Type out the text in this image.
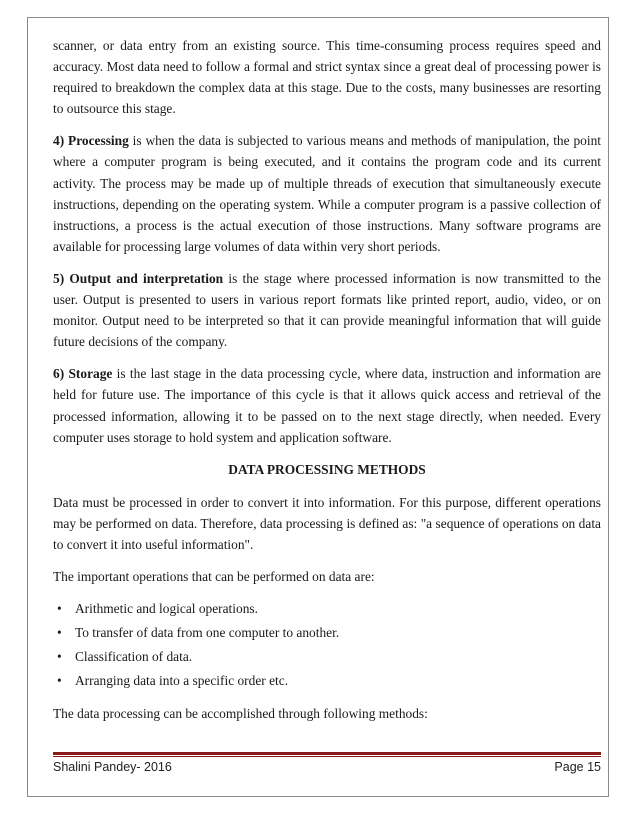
scanner, or data entry from an existing source. This time-consuming process requires speed and accuracy. Most data need to follow a formal and strict syntax since a great deal of processing power is required to breakdown the complex data at this stage. Due to the costs, many businesses are resorting to outsource this stage.

4) Processing is when the data is subjected to various means and methods of manipulation, the point where a computer program is being executed, and it contains the program code and its current activity. The process may be made up of multiple threads of execution that simultaneously execute instructions, depending on the operating system. While a computer program is a passive collection of instructions, a process is the actual execution of those instructions. Many software programs are available for processing large volumes of data within very short periods.

5) Output and interpretation is the stage where processed information is now transmitted to the user. Output is presented to users in various report formats like printed report, audio, video, or on monitor. Output need to be interpreted so that it can provide meaningful information that will guide future decisions of the company.

6) Storage is the last stage in the data processing cycle, where data, instruction and information are held for future use. The importance of this cycle is that it allows quick access and retrieval of the processed information, allowing it to be passed on to the next stage directly, when needed. Every computer uses storage to hold system and application software.

DATA PROCESSING METHODS

Data must be processed in order to convert it into information. For this purpose, different operations may be performed on data. Therefore, data processing is defined as: "a sequence of operations on data to convert it into useful information".

The important operations that can be performed on data are:

• Arithmetic and logical operations.
• To transfer of data from one computer to another.
• Classification of data.
• Arranging data into a specific order etc.

The data processing can be accomplished through following methods:

Shalini Pandey- 2016	Page 15
